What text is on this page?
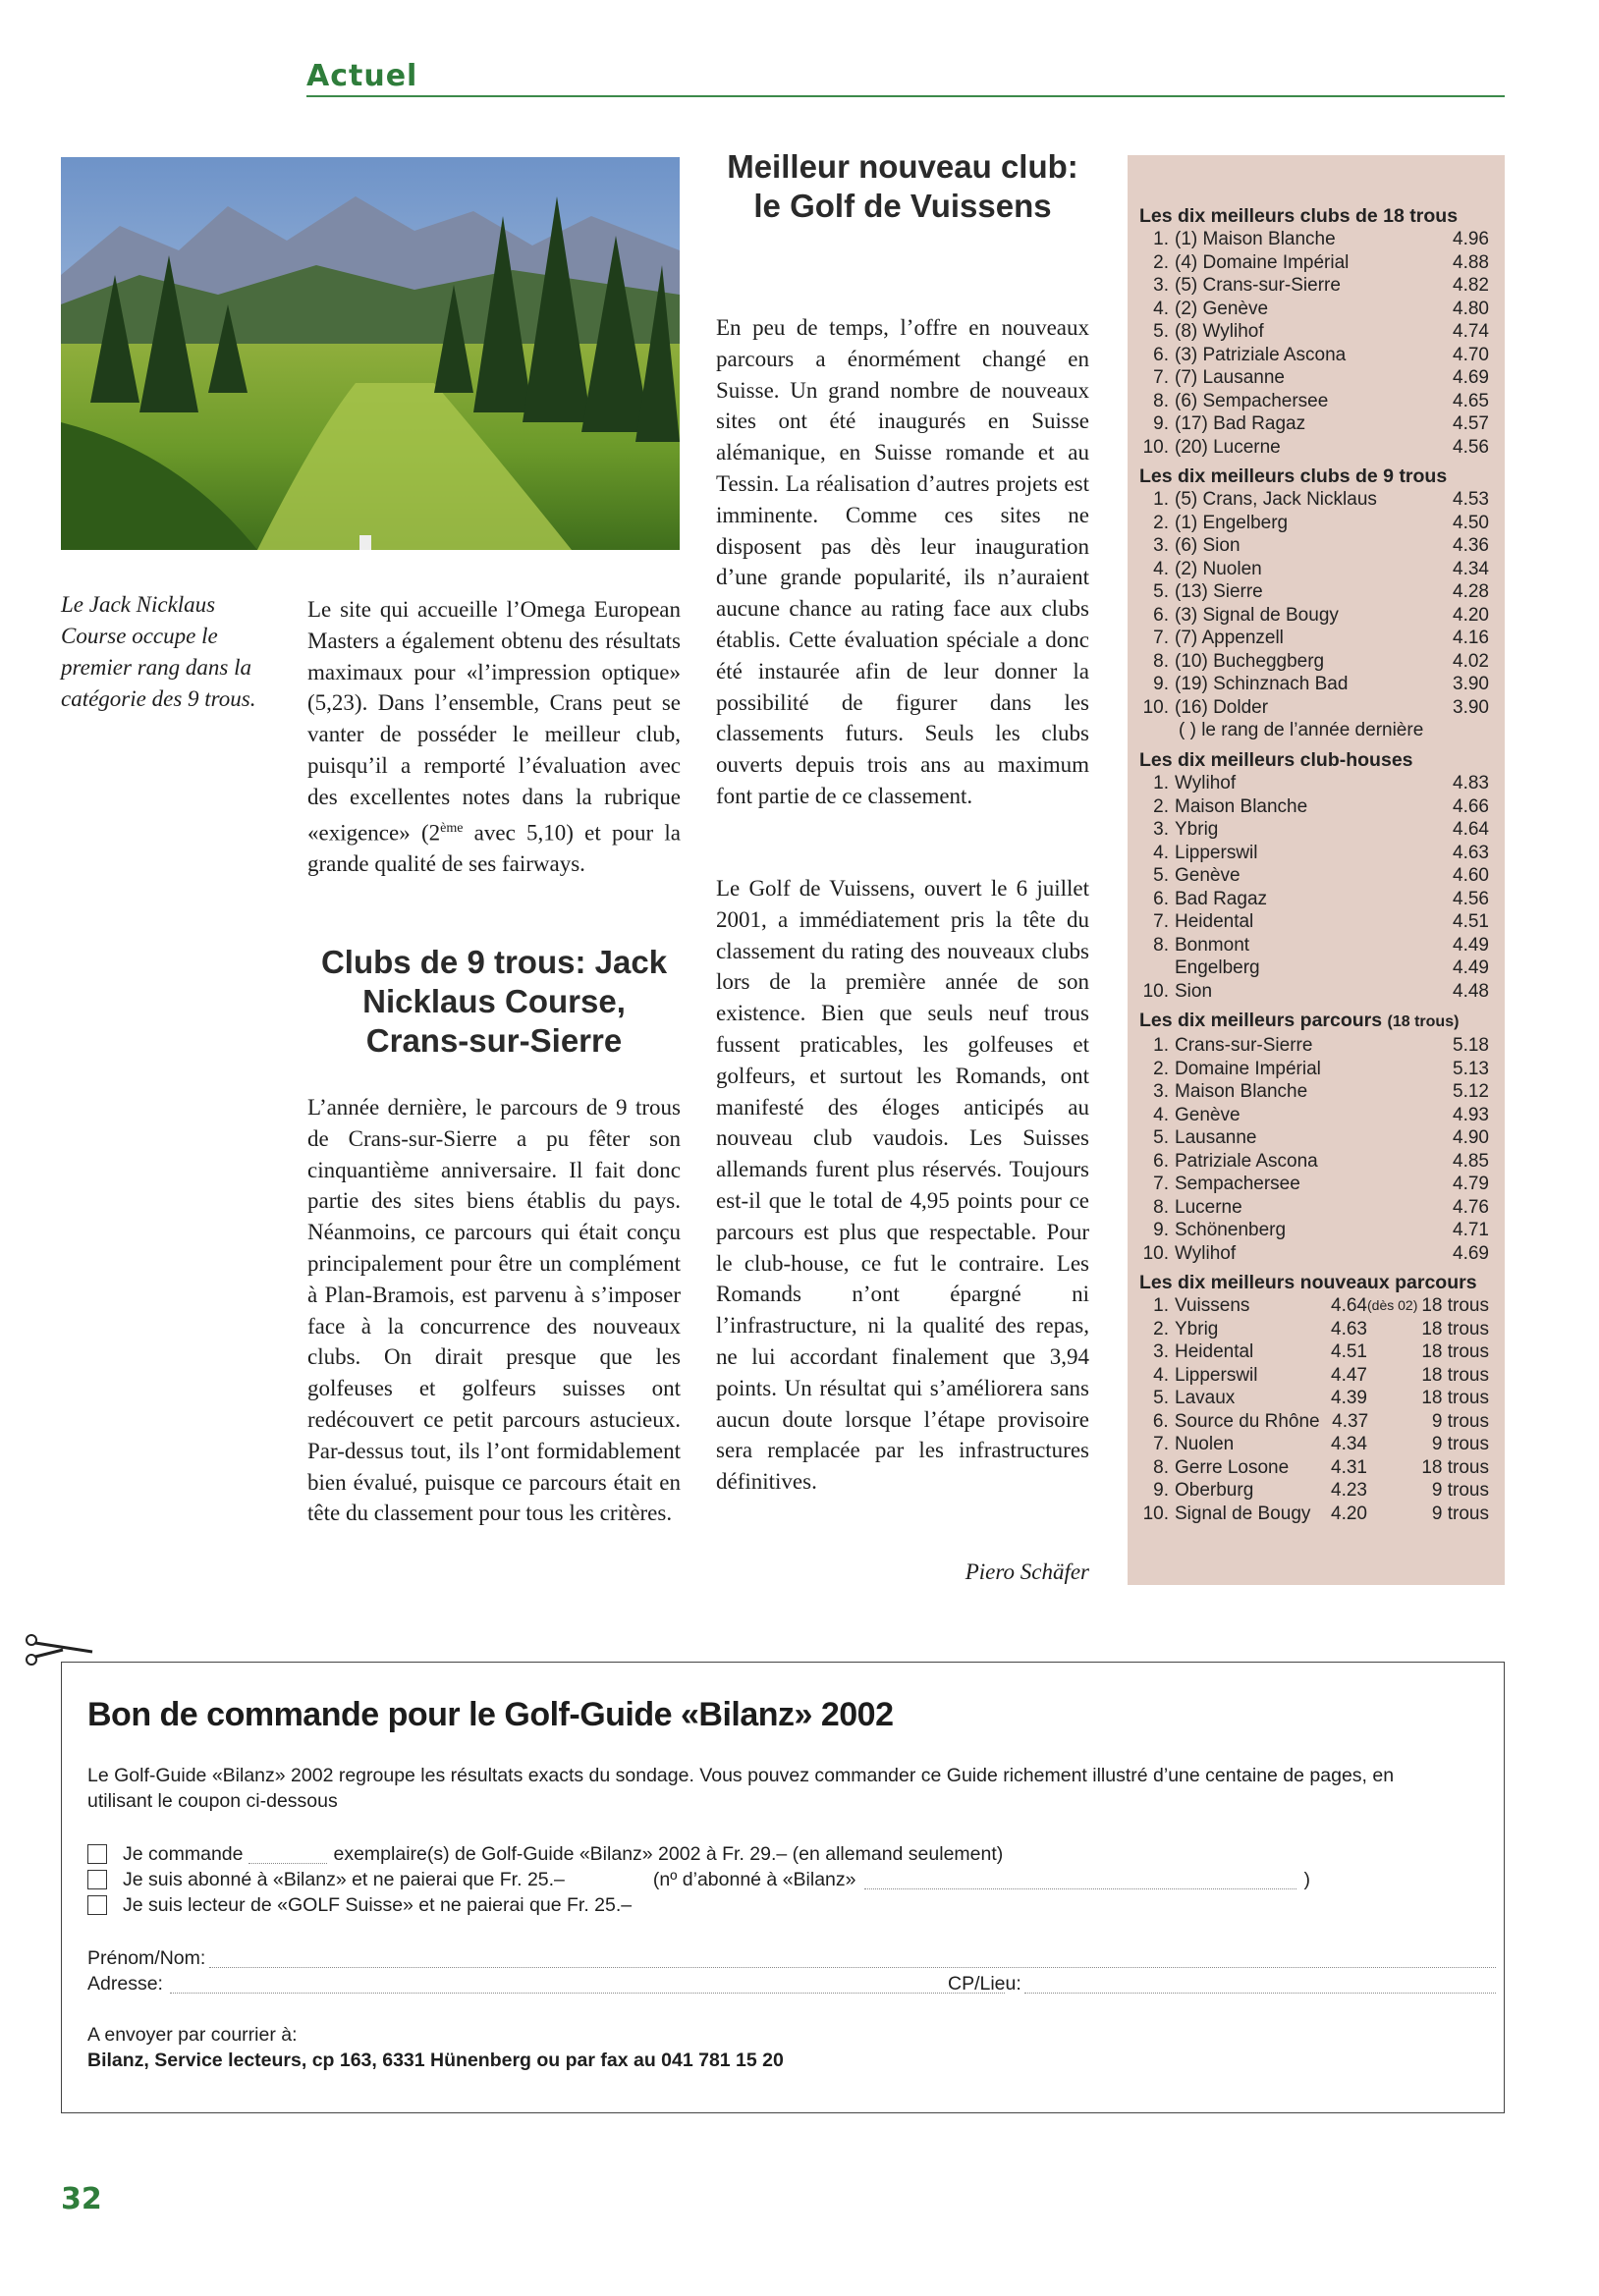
Actuel
Le Jack Nicklaus Course occupe le premier rang dans la catégorie des 9 trous.

Le site qui accueille l’Omega European Masters a également obtenu des résultats maximaux pour «l’impression optique» (5,23). Dans l’ensemble, Crans peut se vanter de posséder le meilleur club, puisqu’il a remporté l’évaluation avec des excellentes notes dans la rubrique «exigence» (2ème avec 5,10) et pour la grande qualité de ses fairways.

Clubs de 9 trous: Jack Nicklaus Course, Crans-sur-Sierre

L’année dernière, le parcours de 9 trous de Crans-sur-Sierre a pu fêter son cinquantième anniversaire. Il fait donc partie des sites biens établis du pays. Néanmoins, ce parcours qui était conçu principalement pour être un complément à Plan-Bramois, est parvenu à s’imposer face à la concurrence des nouveaux clubs. On dirait presque que les golfeuses et golfeurs suisses ont redécouvert ce petit parcours astucieux. Par-dessus tout, ils l’ont formidablement bien évalué, puisque ce parcours était en tête du classement pour tous les critères.

Meilleur nouveau club: le Golf de Vuissens

En peu de temps, l’offre en nouveaux parcours a énormément changé en Suisse. Un grand nombre de nouveaux sites ont été inaugurés en Suisse alémanique, en Suisse romande et au Tessin. La réalisation d’autres projets est imminente. Comme ces sites ne disposent pas dès leur inauguration d’une grande popularité, ils n’auraient aucune chance au rating face aux clubs établis. Cette évaluation spéciale a donc été instaurée afin de leur donner la possibilité de figurer dans les classements futurs. Seuls les clubs ouverts depuis trois ans au maximum font partie de ce classement.

Le Golf de Vuissens, ouvert le 6 juillet 2001, a immédiatement pris la tête du classement du rating des nouveaux clubs lors de la première année de son existence. Bien que seuls neuf trous fussent praticables, les golfeuses et golfeurs, et surtout les Romands, ont manifesté des éloges anticipés au nouveau club vaudois. Les Suisses allemands furent plus réservés. Toujours est-il que le total de 4,95 points pour ce parcours est plus que respectable. Pour le club-house, ce fut le contraire. Les Romands n’ont épargné ni l’infrastructure, ni la qualité des repas, ne lui accordant finalement que 3,94 points. Un résultat qui s’améliorera sans aucun doute lorsque l’étape provisoire sera remplacée par les infrastructures définitives.

Piero Schäfer
Les dix meilleurs clubs de 18 trous
1. (1) Maison Blanche	4.96
2. (4) Domaine Impérial	4.88
3. (5) Crans-sur-Sierre	4.82
4. (2) Genève	4.80
5. (8) Wylihof	4.74
6. (3) Patriziale Ascona	4.70
7. (7) Lausanne	4.69
8. (6) Sempachersee	4.65
9. (17) Bad Ragaz	4.57
10. (20) Lucerne	4.56
Les dix meilleurs clubs de 9 trous
1. (5) Crans, Jack Nicklaus	4.53
2. (1) Engelberg	4.50
3. (6) Sion	4.36
4. (2) Nuolen	4.34
5. (13) Sierre	4.28
6. (3) Signal de Bougy	4.20
7. (7) Appenzell	4.16
8. (10) Bucheggberg	4.02
9. (19) Schinznach Bad	3.90
10. (16) Dolder	3.90
( ) le rang de l’année dernière
Les dix meilleurs club-houses
1. Wylihof	4.83
2. Maison Blanche	4.66
3. Ybrig	4.64
4. Lipperswil	4.63
5. Genève	4.60
6. Bad Ragaz	4.56
7. Heidental	4.51
8. Bonmont	4.49
Engelberg	4.49
10. Sion	4.48
Les dix meilleurs parcours (18 trous)
1. Crans-sur-Sierre	5.18
2. Domaine Impérial	5.13
3. Maison Blanche	5.12
4. Genève	4.93
5. Lausanne	4.90
6. Patriziale Ascona	4.85
7. Sempachersee	4.79
8. Lucerne	4.76
9. Schönenberg	4.71
10. Wylihof	4.69
Les dix meilleurs nouveaux parcours
1. Vuissens	4.64 (dès 02) 18 trous
2. Ybrig	4.63	18 trous
3. Heidental	4.51	18 trous
4. Lipperswil	4.47	18 trous
5. Lavaux	4.39	18 trous
6. Source du Rhône 4.37	9 trous
7. Nuolen	4.34	9 trous
8. Gerre Losone	4.31	18 trous
9. Oberburg	4.23	9 trous
10. Signal de Bougy	4.20	9 trous
Bon de commande pour le Golf-Guide «Bilanz» 2002
Le Golf-Guide «Bilanz» 2002 regroupe les résultats exacts du sondage. Vous pouvez commander ce Guide richement illustré d’une centaine de pages, en utilisant le coupon ci-dessous
Je commande	exemplaire(s) de Golf-Guide «Bilanz» 2002 à Fr. 29.– (en allemand seulement)
Je suis abonné à «Bilanz» et ne paierai que Fr. 25.–	(nº d’abonné à «Bilanz»	)
Je suis lecteur de «GOLF Suisse» et ne paierai que Fr. 25.–
Prénom/Nom:
Adresse:	CP/Lieu:
A envoyer par courrier à:
Bilanz, Service lecteurs, cp 163, 6331 Hünenberg ou par fax au 041 781 15 20
32
